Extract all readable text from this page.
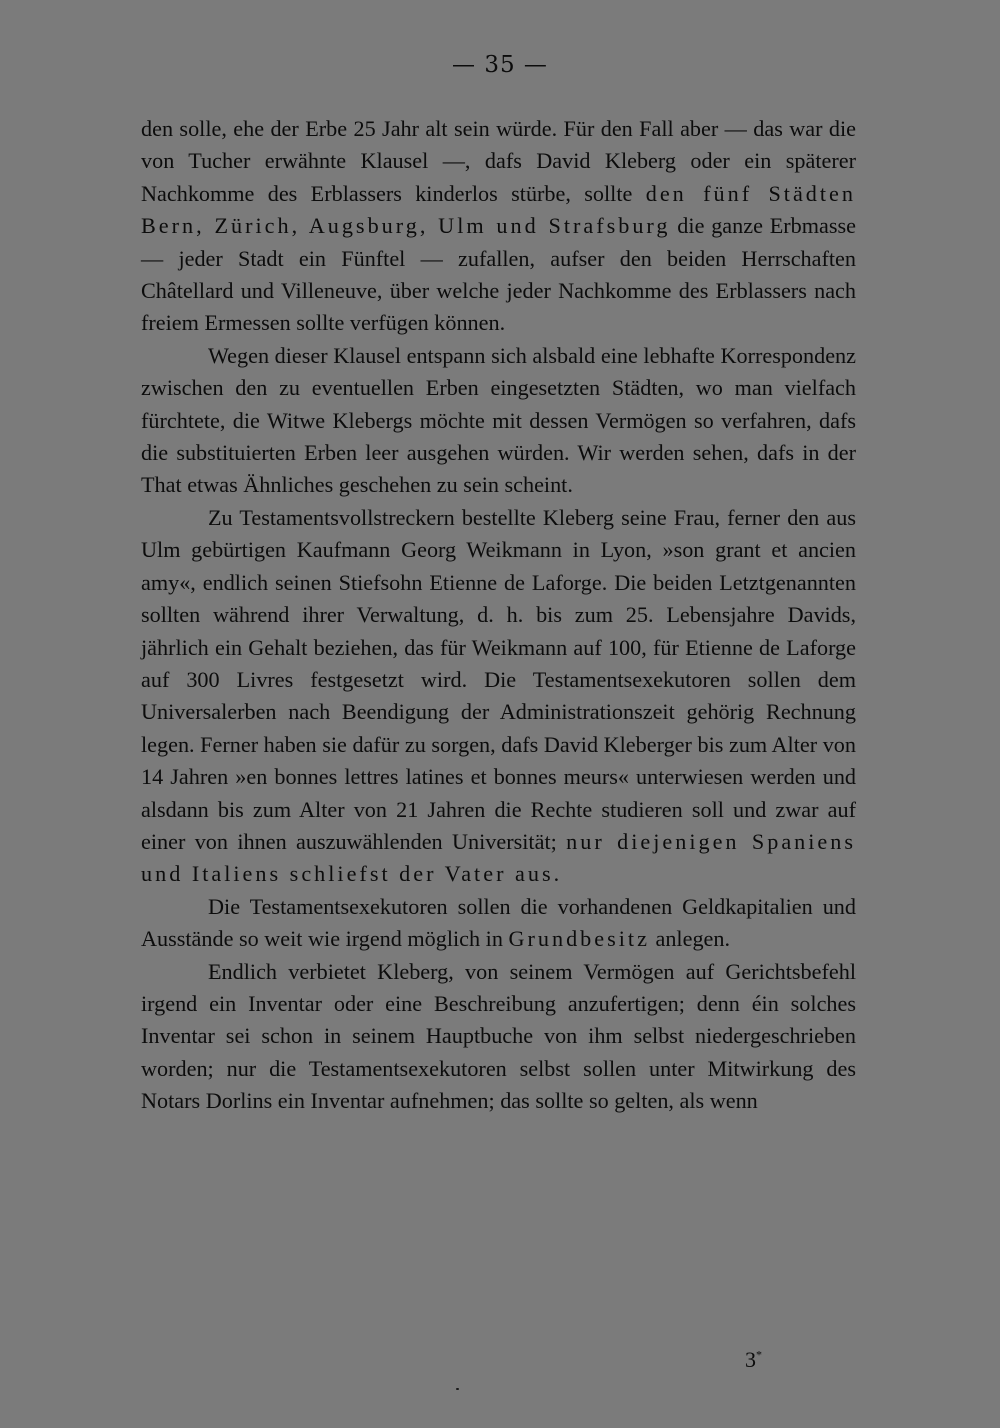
— 35 —

den solle, ehe der Erbe 25 Jahr alt sein würde. Für den Fall aber — das war die von Tucher erwähnte Klausel —, dafs David Kleberg oder ein späterer Nachkomme des Erblassers kinderlos stürbe, sollte den fünf Städten Bern, Zürich, Augsburg, Ulm und Strafsburg die ganze Erbmasse — jeder Stadt ein Fünftel — zufallen, aufser den beiden Herrschaften Châtellard und Villeneuve, über welche jeder Nachkomme des Erblassers nach freiem Ermessen sollte verfügen können.

Wegen dieser Klausel entspann sich alsbald eine lebhafte Korrespondenz zwischen den zu eventuellen Erben eingesetzten Städten, wo man vielfach fürchtete, die Witwe Klebergs möchte mit dessen Vermögen so verfahren, dafs die substituierten Erben leer ausgehen würden. Wir werden sehen, dafs in der That etwas Ähnliches geschehen zu sein scheint.

Zu Testamentsvollstreckern bestellte Kleberg seine Frau, ferner den aus Ulm gebürtigen Kaufmann Georg Weikmann in Lyon, »son grant et ancien amy«, endlich seinen Stiefsohn Etienne de Laforge. Die beiden Letztgenannten sollten während ihrer Verwaltung, d. h. bis zum 25. Lebensjahre Davids, jährlich ein Gehalt beziehen, das für Weikmann auf 100, für Etienne de Laforge auf 300 Livres festgesetzt wird. Die Testamentsexekutoren sollen dem Universalerben nach Beendigung der Administrationszeit gehörig Rechnung legen. Ferner haben sie dafür zu sorgen, dafs David Kleberger bis zum Alter von 14 Jahren »en bonnes lettres latines et bonnes meurs« unterwiesen werden und alsdann bis zum Alter von 21 Jahren die Rechte studieren soll und zwar auf einer von ihnen auszuwählenden Universität; nur diejenigen Spaniens und Italiens schliefst der Vater aus.

Die Testamentsexekutoren sollen die vorhandenen Geldkapitalien und Ausstände so weit wie irgend möglich in Grundbesitz anlegen.

Endlich verbietet Kleberg, von seinem Vermögen auf Gerichtsbefehl irgend ein Inventar oder eine Beschreibung anzufertigen; denn éin solches Inventar sei schon in seinem Hauptbuche von ihm selbst niedergeschrieben worden; nur die Testamentsexekutoren selbst sollen unter Mitwirkung des Notars Dorlins ein Inventar aufnehmen; das sollte so gelten, als wenn

3*
